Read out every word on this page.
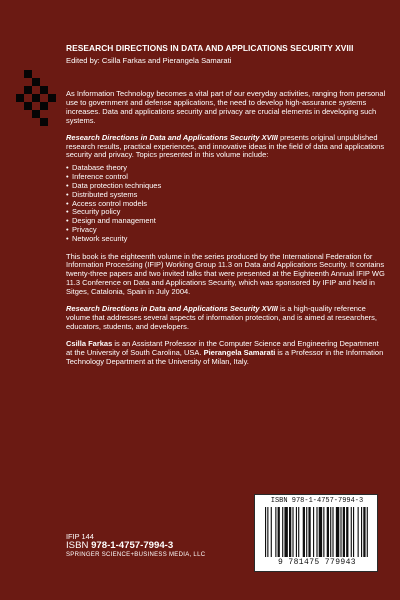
RESEARCH DIRECTIONS IN DATA AND APPLICATIONS SECURITY XVIII
Edited by: Csilla Farkas and Pierangela Samarati

As Information Technology becomes a vital part of our everyday activities, ranging from personal use to government and defense applications, the need to develop high-assurance systems increases. Data and applications security and privacy are crucial elements in developing such systems.

Research Directions in Data and Applications Security XVIII presents original unpublished research results, practical experiences, and innovative ideas in the field of data and applications security and privacy. Topics presented in this volume include:

• Database theory
• Inference control
• Data protection techniques
• Distributed systems
• Access control models
• Security policy
• Design and management
• Privacy
• Network security

This book is the eighteenth volume in the series produced by the International Federation for Information Processing (IFIP) Working Group 11.3 on Data and Applications Security. It contains twenty-three papers and two invited talks that were presented at the Eighteenth Annual IFIP WG 11.3 Conference on Data and Applications Security, which was sponsored by IFIP and held in Sitges, Catalonia, Spain in July 2004.

Research Directions in Data and Applications Security XVIII is a high-quality reference volume that addresses several aspects of information protection, and is aimed at researchers, educators, students, and developers.

Csilla Farkas is an Assistant Professor in the Computer Science and Engineering Department at the University of South Carolina, USA. Pierangela Samarati is a Professor in the Information Technology Department at the University of Milan, Italy.

IFIP 144
ISBN 978-1-4757-7994-3
SPRINGER SCIENCE+BUSINESS MEDIA, LLC
ISBN 978-1-4757-7994-3
9 781475 779943
